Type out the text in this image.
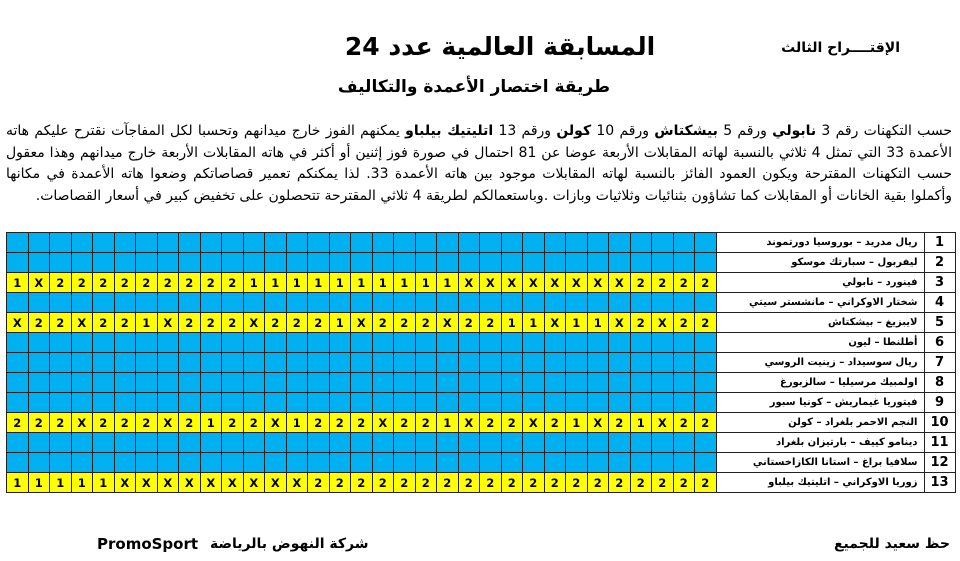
المسابقة العالمية عدد 24	الإقتــــراح الثالث
طريقة اختصار الأعمدة والتكاليف
حسب التكهنات رقم 3 نابولي ورقم 5 بيشكتاش ورقم 10 كولن ورقم 13 اتليتيك بيلباو يمكنهم الفوز خارج ميدانهم وتحسبا لكل المفاجآت نقترح عليكم هاته الأعمدة 33 التي تمثل 4 ثلاثي بالنسبة لهاته المقابلات الأربعة عوضا عن 81 احتمال في صورة فوز إثنين أو أكثر في هاته المقابلات الأربعة خارج ميدانهم وهذا معقول حسب التكهنات المقترحة ويكون العمود الفائز بالنسبة لهاته المقابلات موجود بين هاته الأعمدة 33. لذا يمكنكم تعمير قصاصاتكم وضعوا هاته الأعمدة في مكانها وأكملوا بقية الخانات أو المقابلات كما تشاؤون بثنائيات وثلاثيات وبازات .وباستعمالكم لطريقة 4 ثلاثي المقترحة تتحصلون على تخفيض كبير في أسعار القصاصات.
																																	ريال مدريد – بوروسيا دورتموند	1
																																	ليفربول – سبارتك موسكو	2
1	X	2	2	2	2	2	2	2	2	2	1	1	1	1	1	1	1	1	1	1	X	X	X	X	X	X	X	X	2	2	2	2	فينورد – نابولي	3
																																	شختار الاوكراني – مانشستر سيتي	4
X	2	2	X	2	2	1	X	2	2	2	X	2	2	2	1	X	2	2	2	X	2	2	1	1	X	1	1	X	2	X	2	2	لايبزيغ – بيشكتاش	5
																																	أطلنطا – ليون	6
																																	ريال سوسيداد – زينيت الروسي	7
																																	اولمبيك مرسيليا – سالزبورغ	8
																																	فيتوريا غيماريش – كونيا سبور	9
2	2	2	X	2	2	2	X	2	1	2	2	X	1	2	2	2	X	2	2	1	X	2	2	X	2	1	X	2	1	X	2	2	النجم الاحمر بلغراد – كولن	10
																																	دينامو كييف – بارتيزان بلغراد	11
																																	سلافيا براغ – استانا الكازاخستاني	12
1	1	1	1	1	X	X	X	X	X	X	X	X	X	2	2	2	2	2	2	2	2	2	2	2	2	2	2	2	2	2	2	2	زوريا الاوكراني – اتليتيك بيلباو	13
حظ سعيد للجميع
شركة النهوض بالرياضة
PromoSport
